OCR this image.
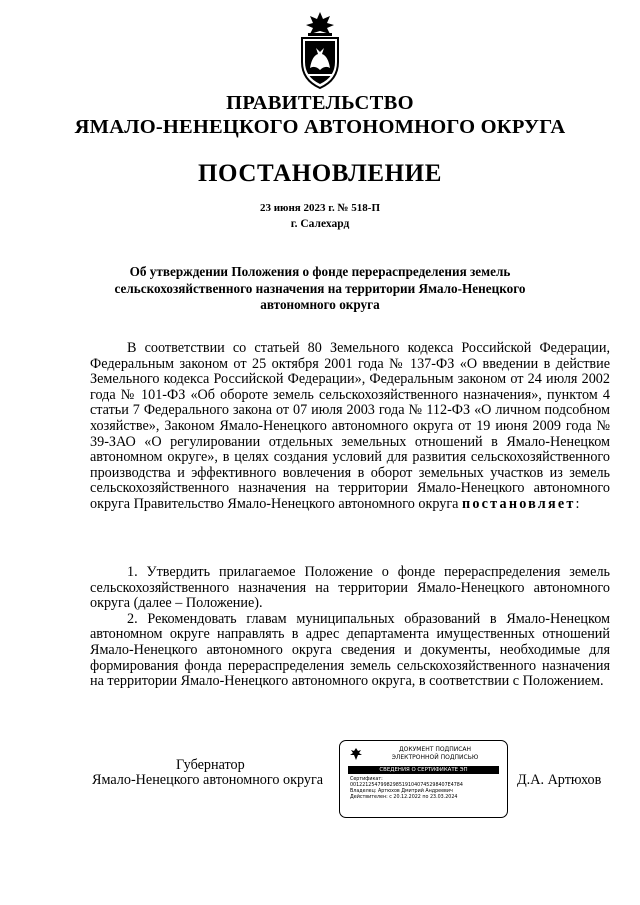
ПРАВИТЕЛЬСТВО
ЯМАЛО-НЕНЕЦКОГО АВТОНОМНОГО ОКРУГА
ПОСТАНОВЛЕНИЕ
23 июня 2023 г. № 518-П
г. Салехард
Об утверждении Положения о фонде перераспределения земель
сельскохозяйственного назначения на территории Ямало-Ненецкого
автономного округа

В соответствии со статьей 80 Земельного кодекса Российской Федерации, Федеральным законом от 25 октября 2001 года № 137-ФЗ «О введении в действие Земельного кодекса Российской Федерации», Федеральным законом от 24 июля 2002 года № 101-ФЗ «Об обороте земель сельскохозяйственного назначения», пунктом 4 статьи 7 Федерального закона от 07 июля 2003 года № 112-ФЗ «О личном подсобном хозяйстве», Законом Ямало-Ненецкого автономного округа от 19 июня 2009 года № 39-ЗАО «О регулировании отдельных земельных отношений в Ямало-Ненецком автономном округе», в целях создания условий для развития сельскохозяйственного производства и эффективного вовлечения в оборот земельных участков из земель сельскохозяйственного назначения на территории Ямало-Ненецкого автономного округа Правительство Ямало-Ненецкого автономного округа постановляет:

1. Утвердить прилагаемое Положение о фонде перераспределения земель сельскохозяйственного назначения на территории Ямало-Ненецкого автономного округа (далее – Положение).

2. Рекомендовать главам муниципальных образований в Ямало-Ненецком автономном округе направлять в адрес департамента имущественных отношений Ямало-Ненецкого автономного округа сведения и документы, необходимые для формирования фонда перераспределения земель сельскохозяйственного назначения на территории Ямало-Ненецкого автономного округа, в соответствии с Положением.

Губернатор
Ямало-Ненецкого автономного округа	Д.А. Артюхов
ДОКУМЕНТ ПОДПИСАН
ЭЛЕКТРОННОЙ ПОДПИСЬЮ
СВЕДЕНИЯ О СЕРТИФИКАТЕ ЭП
Сертификат:
00122125479982985191040745298407E4784
Владелец: Артюхов Дмитрий Андреевич
Действителен: с 20.12.2022 по 23.03.2024
